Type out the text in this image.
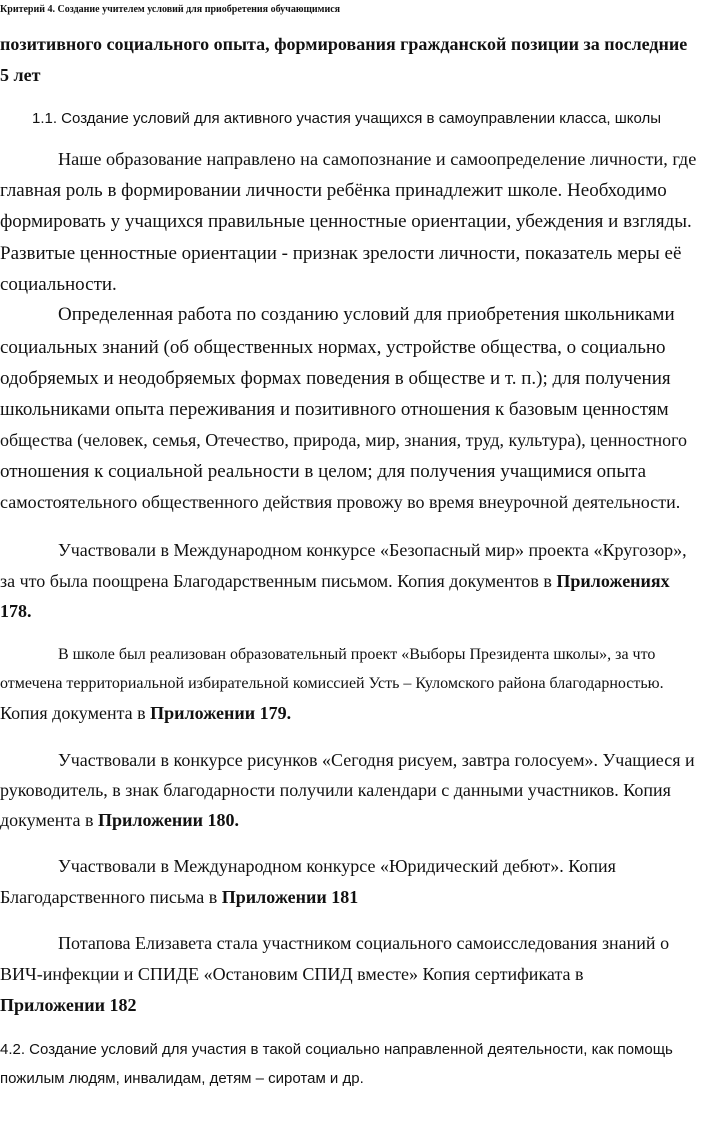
Критерий 4. Создание учителем условий для приобретения обучающимися
позитивного социального опыта, формирования гражданской позиции за последние
5 лет
1.1. Создание условий для активного участия учащихся в самоуправлении класса, школы
Наше образование направлено на самопознание и самоопределение личности, где
главная роль в формировании личности ребёнка принадлежит школе. Необходимо
формировать у учащихся правильные ценностные ориентации, убеждения и взгляды.
Развитые ценностные ориентации - признак зрелости личности, показатель меры её
социальности.
Определенная работа по созданию условий для приобретения школьниками
социальных знаний (об общественных нормах, устройстве общества, о социально
одобряемых и неодобряемых формах поведения в обществе и т. п.); для получения
школьниками опыта переживания и позитивного отношения к базовым ценностям
общества (человек, семья, Отечество, природа, мир, знания, труд, культура), ценностного
отношения к социальной реальности в целом; для получения учащимися опыта
самостоятельного общественного действия провожу во время внеурочной деятельности.
Участвовали в Международном конкурсе «Безопасный мир» проекта «Кругозор»,
за что была поощрена Благодарственным письмом. Копия документов в Приложениях
178.
В школе был реализован образовательный проект «Выборы Президента школы», за что
отмечена территориальной избирательной комиссией Усть – Куломского района благодарностью.
Копия документа в Приложении 179.
Участвовали в конкурсе рисунков «Сегодня рисуем, завтра голосуем». Учащиеся и
руководитель, в знак благодарности получили календари с данными участников. Копия
документа в Приложении 180.
Участвовали в Международном конкурсе «Юридический дебют». Копия
Благодарственного письма в Приложении 181
Потапова Елизавета стала участником социального самоисследования знаний о
ВИЧ-инфекции и СПИДЕ «Остановим СПИД вместе» Копия сертификата в
Приложении 182
4.2. Создание условий для участия в такой социально направленной деятельности, как помощь
пожилым людям, инвалидам, детям – сиротам и др.
